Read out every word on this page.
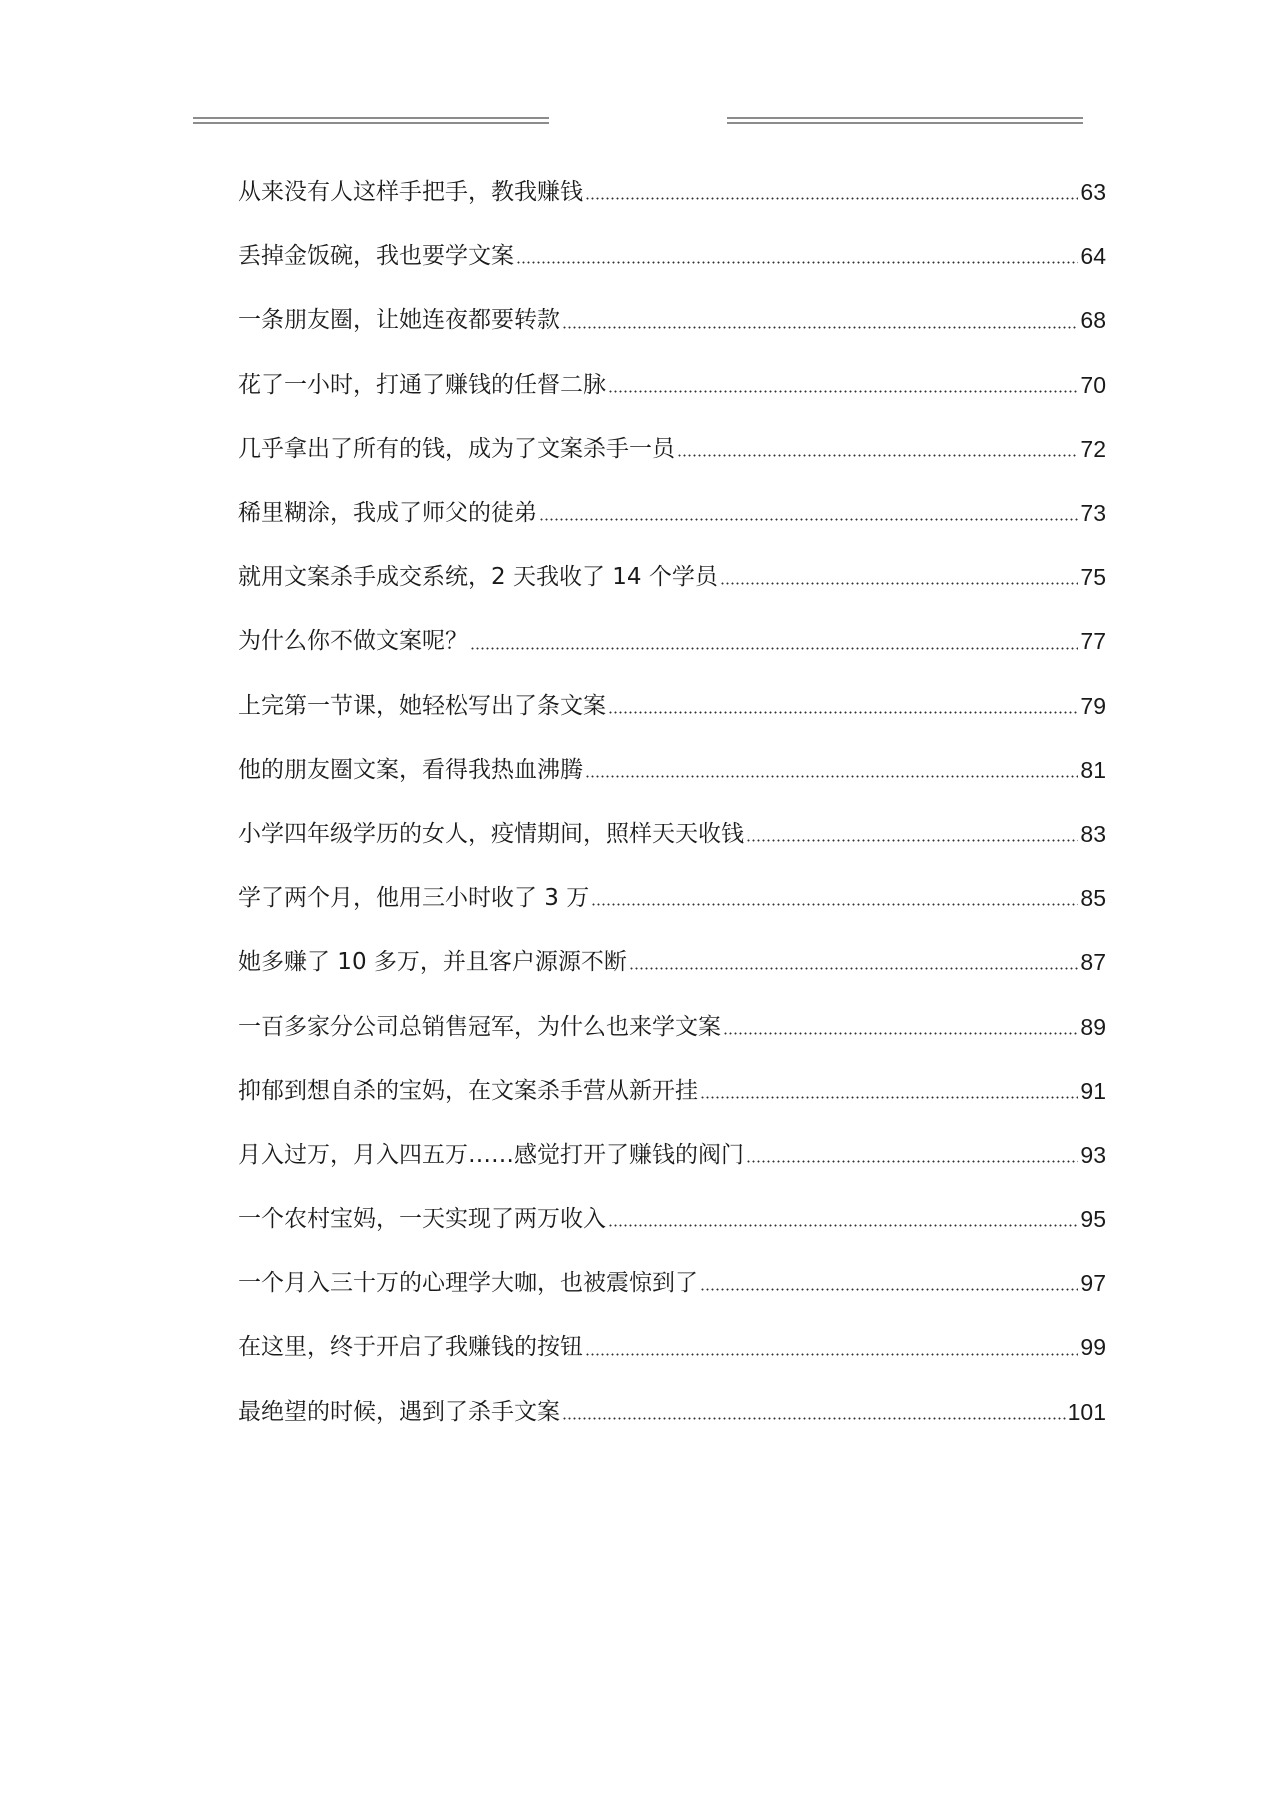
从来没有人这样手把手，教我赚钱	63
丢掉金饭碗，我也要学文案	64
一条朋友圈，让她连夜都要转款	68
花了一小时，打通了赚钱的任督二脉	70
几乎拿出了所有的钱，成为了文案杀手一员	72
稀里糊涂，我成了师父的徒弟	73
就用文案杀手成交系统，2 天我收了 14 个学员	75
为什么你不做文案呢？	77
上完第一节课，她轻松写出了条文案	79
他的朋友圈文案，看得我热血沸腾	81
小学四年级学历的女人，疫情期间，照样天天收钱	83
学了两个月，他用三小时收了 3 万	85
她多赚了 10 多万，并且客户源源不断	87
一百多家分公司总销售冠军，为什么也来学文案	89
抑郁到想自杀的宝妈，在文案杀手营从新开挂	91
月入过万，月入四五万……感觉打开了赚钱的阀门	93
一个农村宝妈，一天实现了两万收入	95
一个月入三十万的心理学大咖，也被震惊到了	97
在这里，终于开启了我赚钱的按钮	99
最绝望的时候，遇到了杀手文案	101
